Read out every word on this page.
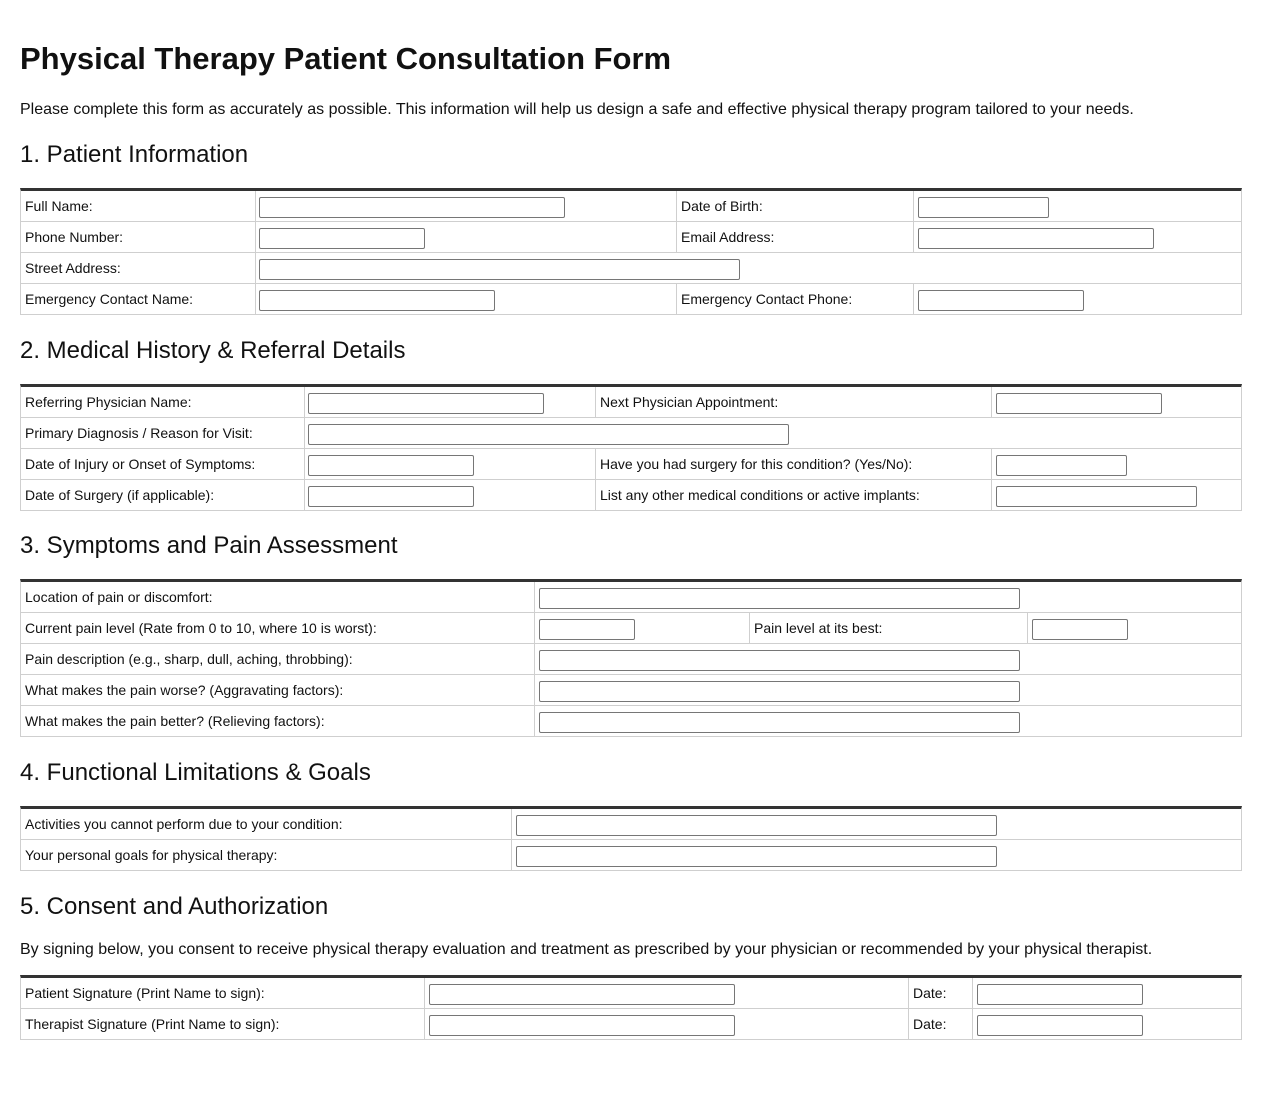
Physical Therapy Patient Consultation Form

Please complete this form as accurately as possible. This information will help us design a safe and effective physical therapy program tailored to your needs.

1. Patient Information
Full Name:	Date of Birth:
Phone Number:	Email Address:
Street Address:
Emergency Contact Name:	Emergency Contact Phone:
2. Medical History & Referral Details
Referring Physician Name:	Next Physician Appointment:
Primary Diagnosis / Reason for Visit:
Date of Injury or Onset of Symptoms:	Have you had surgery for this condition? (Yes/No):
Date of Surgery (if applicable):	List any other medical conditions or active implants:
3. Symptoms and Pain Assessment
Location of pain or discomfort:
Current pain level (Rate from 0 to 10, where 10 is worst):	Pain level at its best:
Pain description (e.g., sharp, dull, aching, throbbing):
What makes the pain worse? (Aggravating factors):
What makes the pain better? (Relieving factors):
4. Functional Limitations & Goals
Activities you cannot perform due to your condition:
Your personal goals for physical therapy:
5. Consent and Authorization

By signing below, you consent to receive physical therapy evaluation and treatment as prescribed by your physician or recommended by your physical therapist.

Patient Signature (Print Name to sign):	Date:
Therapist Signature (Print Name to sign):	Date:
